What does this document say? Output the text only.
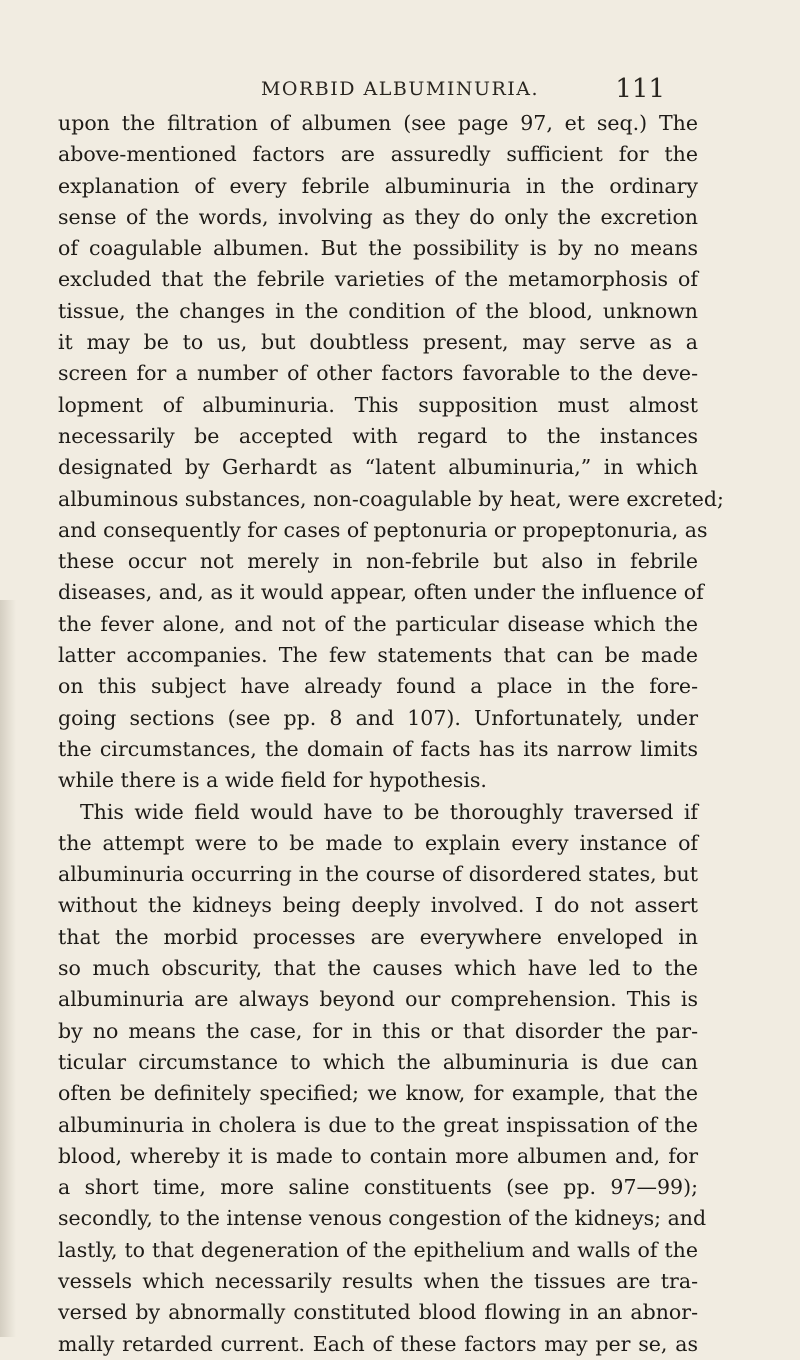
MORBID ALBUMINURIA.	111
upon the filtration of albumen (see page 97, et seq.) The
above-mentioned factors are assuredly sufficient for the
explanation of every febrile albuminuria in the ordinary
sense of the words, involving as they do only the excretion
of coagulable albumen. But the possibility is by no means
excluded that the febrile varieties of the metamorphosis of
tissue, the changes in the condition of the blood, unknown
it may be to us, but doubtless present, may serve as a
screen for a number of other factors favorable to the deve-
lopment of albuminuria. This supposition must almost
necessarily be accepted with regard to the instances
designated by Gerhardt as “latent albuminuria,” in which
albuminous substances, non-coagulable by heat, were excreted;
and consequently for cases of peptonuria or propeptonuria, as
these occur not merely in non-febrile but also in febrile
diseases, and, as it would appear, often under the influence of
the fever alone, and not of the particular disease which the
latter accompanies. The few statements that can be made
on this subject have already found a place in the fore-
going sections (see pp. 8 and 107). Unfortunately, under
the circumstances, the domain of facts has its narrow limits
while there is a wide field for hypothesis.
This wide field would have to be thoroughly traversed if
the attempt were to be made to explain every instance of
albuminuria occurring in the course of disordered states, but
without the kidneys being deeply involved. I do not assert
that the morbid processes are everywhere enveloped in
so much obscurity, that the causes which have led to the
albuminuria are always beyond our comprehension. This is
by no means the case, for in this or that disorder the par-
ticular circumstance to which the albuminuria is due can
often be definitely specified; we know, for example, that the
albuminuria in cholera is due to the great inspissation of the
blood, whereby it is made to contain more albumen and, for
a short time, more saline constituents (see pp. 97—99);
secondly, to the intense venous congestion of the kidneys; and
lastly, to that degeneration of the epithelium and walls of the
vessels which necessarily results when the tissues are tra-
versed by abnormally constituted blood flowing in an abnor-
mally retarded current. Each of these factors may per se, as
